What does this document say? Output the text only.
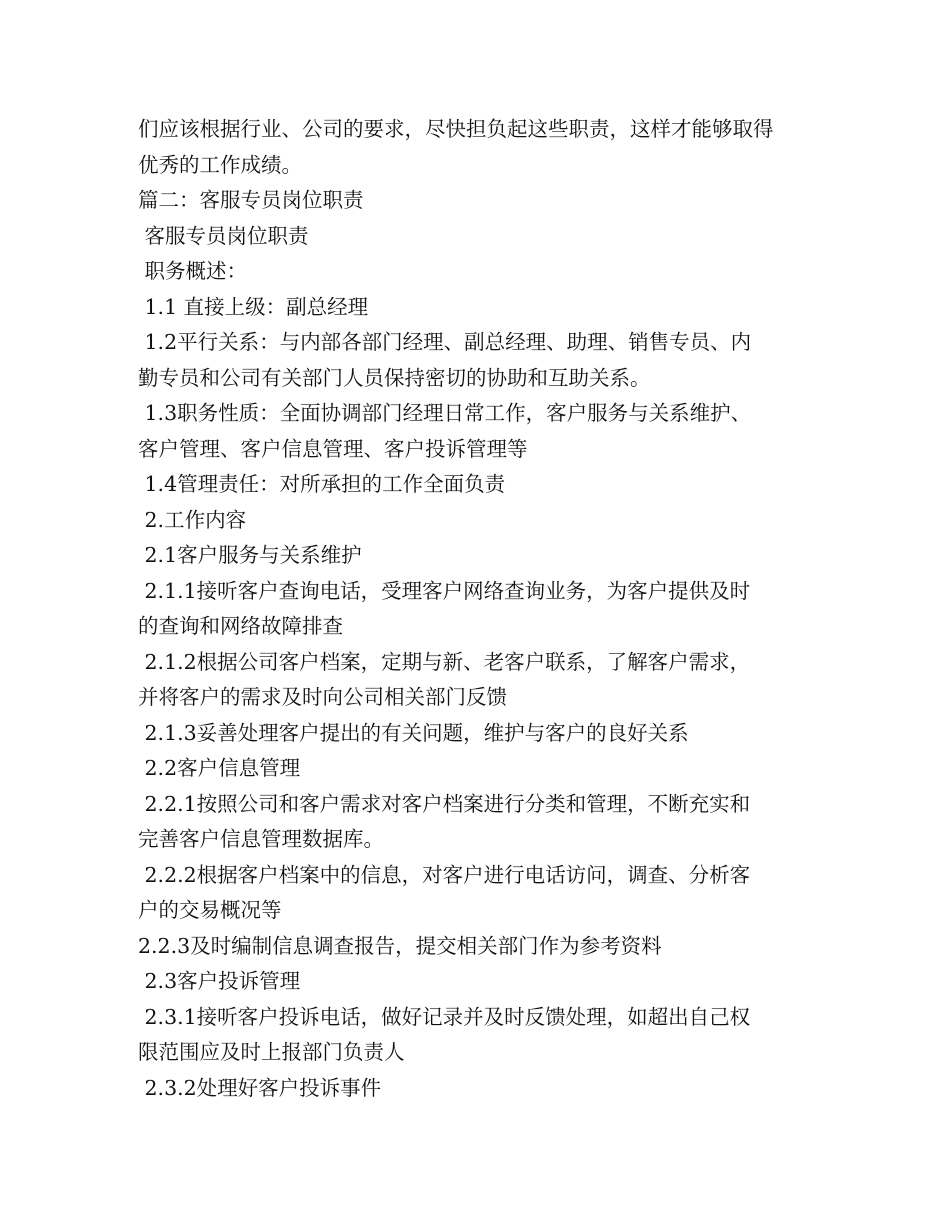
们应该根据行业、公司的要求，尽快担负起这些职责，这样才能够取得
优秀的工作成绩。
篇二：客服专员岗位职责
客服专员岗位职责
职务概述：
1.1 直接上级：副总经理
1.2平行关系：与内部各部门经理、副总经理、助理、销售专员、内
勤专员和公司有关部门人员保持密切的协助和互助关系。
1.3职务性质：全面协调部门经理日常工作，客户服务与关系维护、
客户管理、客户信息管理、客户投诉管理等
1.4管理责任：对所承担的工作全面负责
2.工作内容
2.1客户服务与关系维护
2.1.1接听客户查询电话，受理客户网络查询业务，为客户提供及时
的查询和网络故障排查
2.1.2根据公司客户档案，定期与新、老客户联系，了解客户需求，
并将客户的需求及时向公司相关部门反馈
2.1.3妥善处理客户提出的有关问题，维护与客户的良好关系
2.2客户信息管理
2.2.1按照公司和客户需求对客户档案进行分类和管理，不断充实和
完善客户信息管理数据库。
2.2.2根据客户档案中的信息，对客户进行电话访问，调查、分析客
户的交易概况等
2.2.3及时编制信息调查报告，提交相关部门作为参考资料
2.3客户投诉管理
2.3.1接听客户投诉电话，做好记录并及时反馈处理，如超出自己权
限范围应及时上报部门负责人
2.3.2处理好客户投诉事件
